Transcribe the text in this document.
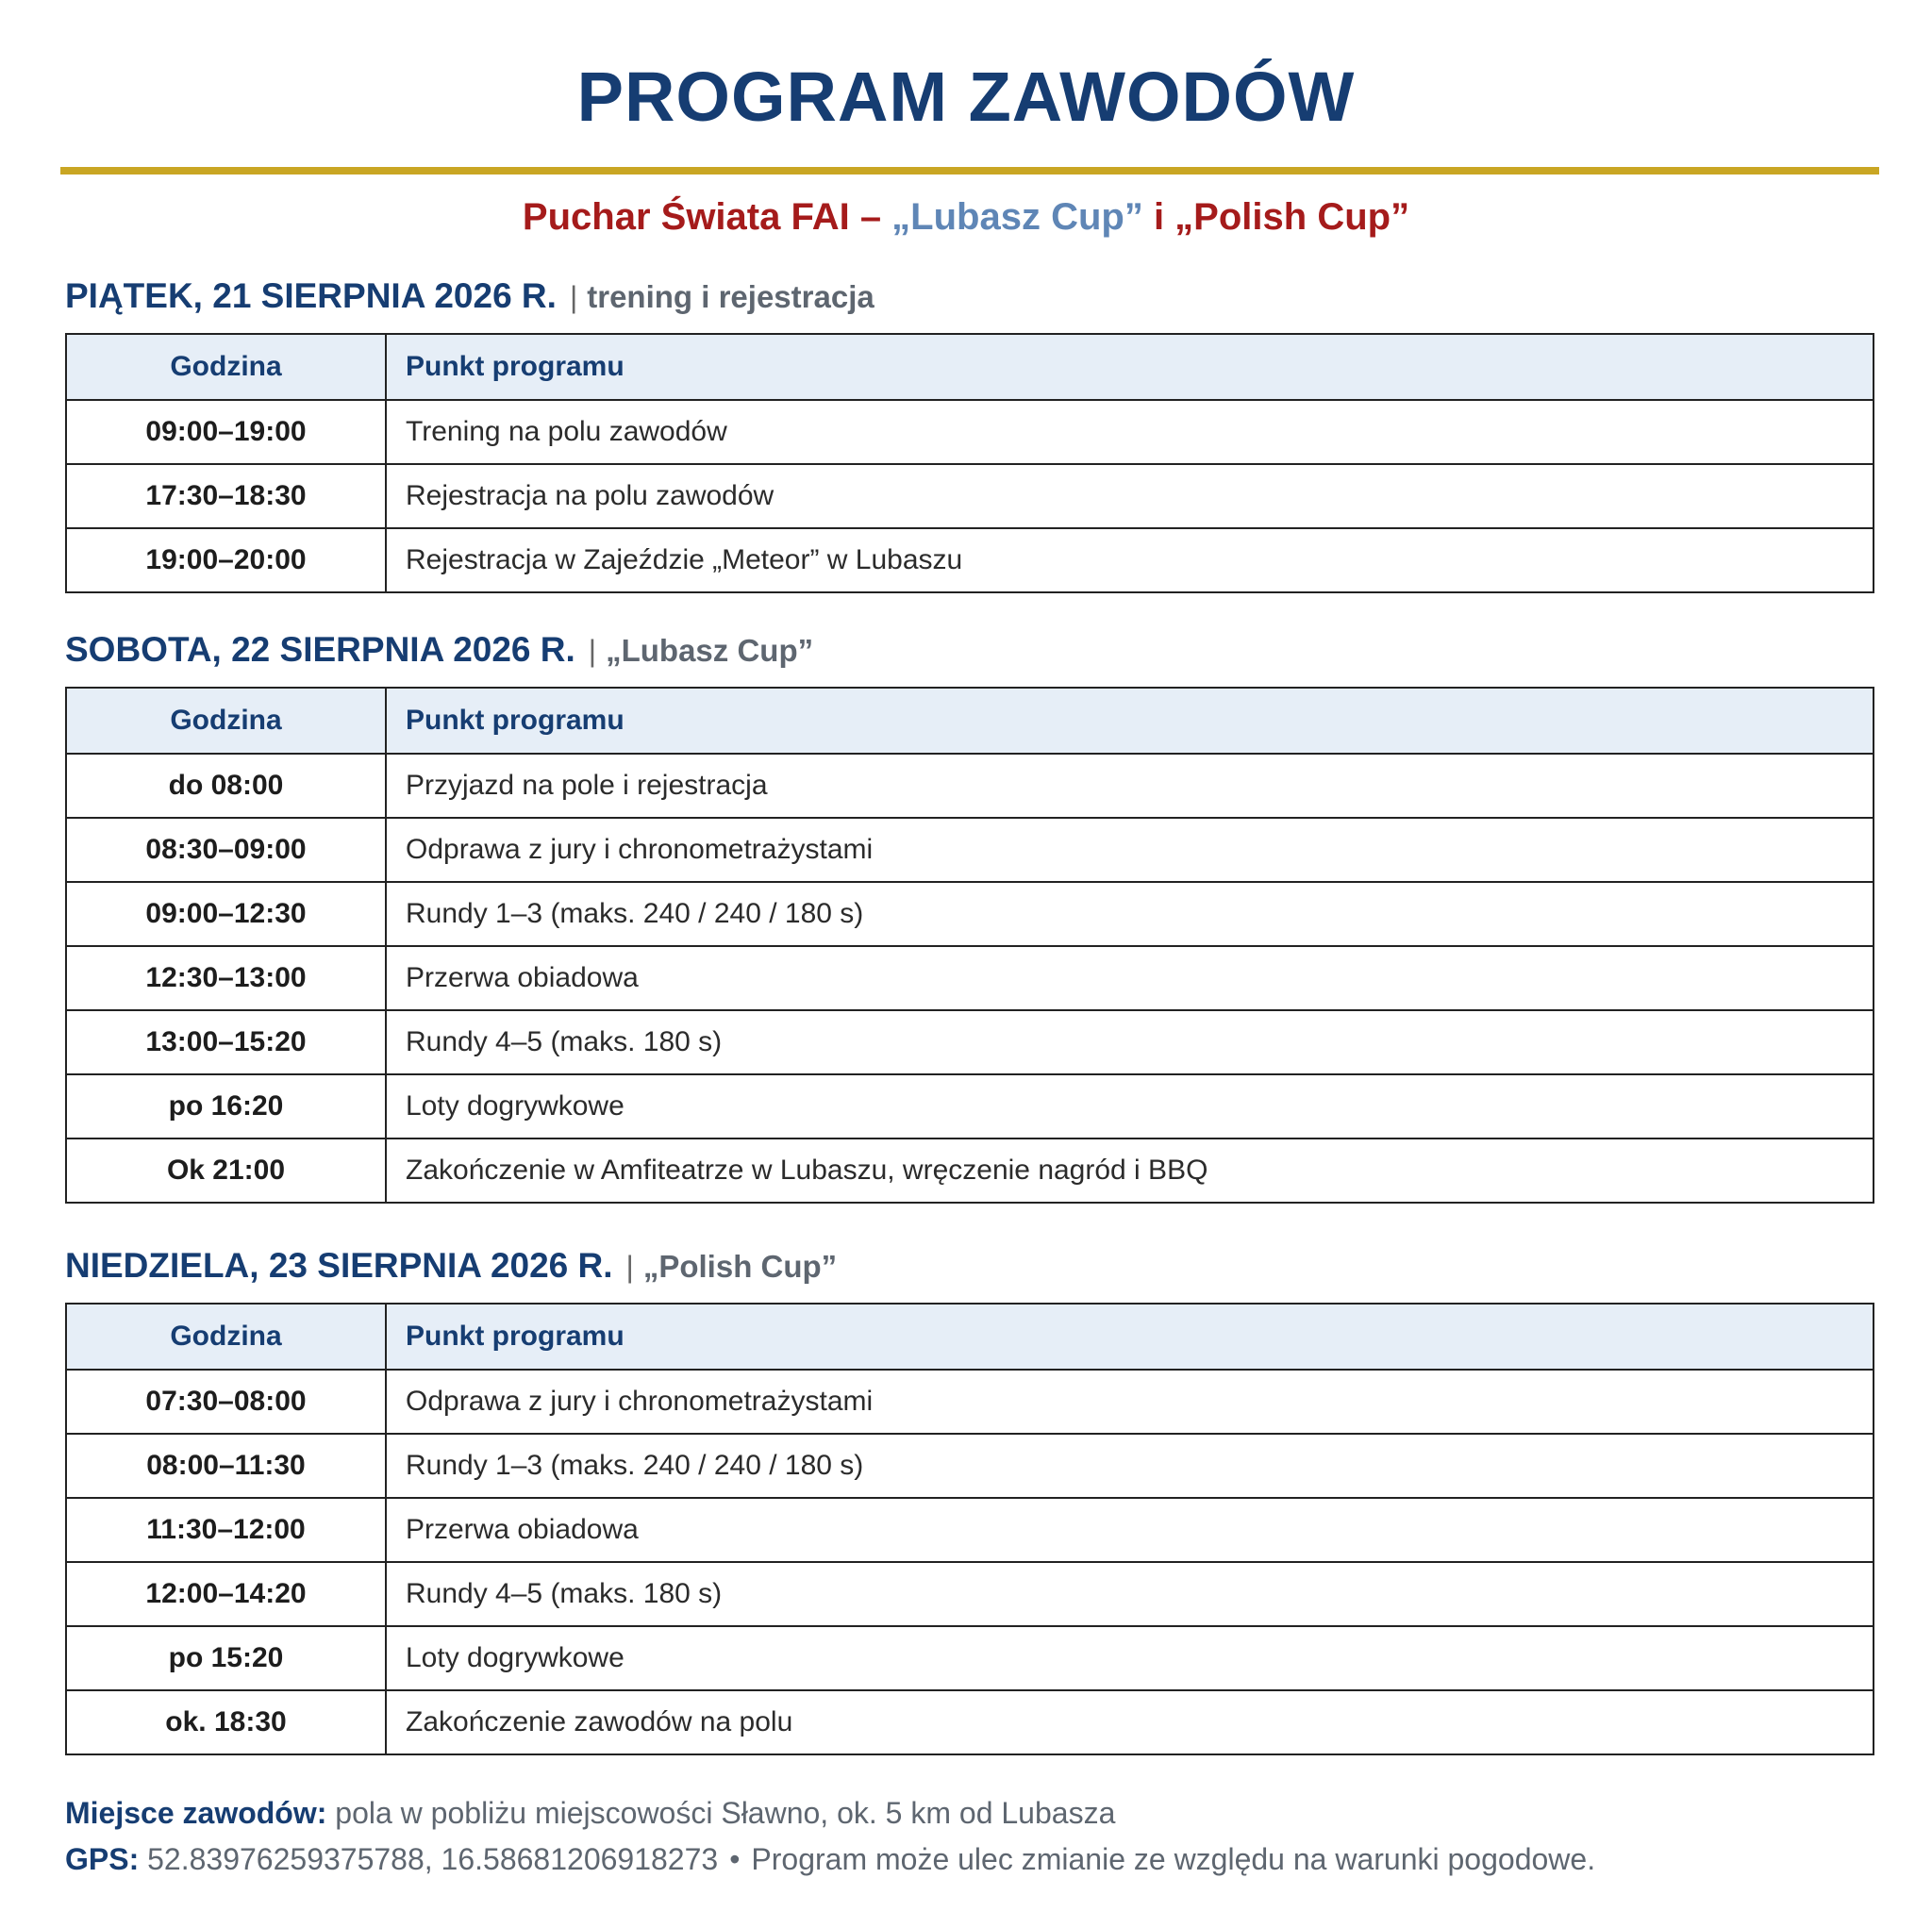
PROGRAM ZAWODÓW
Puchar Świata FAI – „Lubasz Cup” i „Polish Cup”
PIĄTEK, 21 SIERPNIA 2026 R. | trening i rejestracja
Godzina	Punkt programu
09:00–19:00	Trening na polu zawodów
17:30–18:30	Rejestracja na polu zawodów
19:00–20:00	Rejestracja w Zajeździe „Meteor” w Lubaszu
SOBOTA, 22 SIERPNIA 2026 R. | „Lubasz Cup”
Godzina	Punkt programu
do 08:00	Przyjazd na pole i rejestracja
08:30–09:00	Odprawa z jury i chronometrażystami
09:00–12:30	Rundy 1–3 (maks. 240 / 240 / 180 s)
12:30–13:00	Przerwa obiadowa
13:00–15:20	Rundy 4–5 (maks. 180 s)
po 16:20	Loty dogrywkowe
Ok 21:00	Zakończenie w Amfiteatrze w Lubaszu, wręczenie nagród i BBQ
NIEDZIELA, 23 SIERPNIA 2026 R. | „Polish Cup”
Godzina	Punkt programu
07:30–08:00	Odprawa z jury i chronometrażystami
08:00–11:30	Rundy 1–3 (maks. 240 / 240 / 180 s)
11:30–12:00	Przerwa obiadowa
12:00–14:20	Rundy 4–5 (maks. 180 s)
po 15:20	Loty dogrywkowe
ok. 18:30	Zakończenie zawodów na polu
Miejsce zawodów: pola w pobliżu miejscowości Sławno, ok. 5 km od Lubasza
GPS: 52.83976259375788, 16.58681206918273 • Program może ulec zmianie ze względu na warunki pogodowe.
